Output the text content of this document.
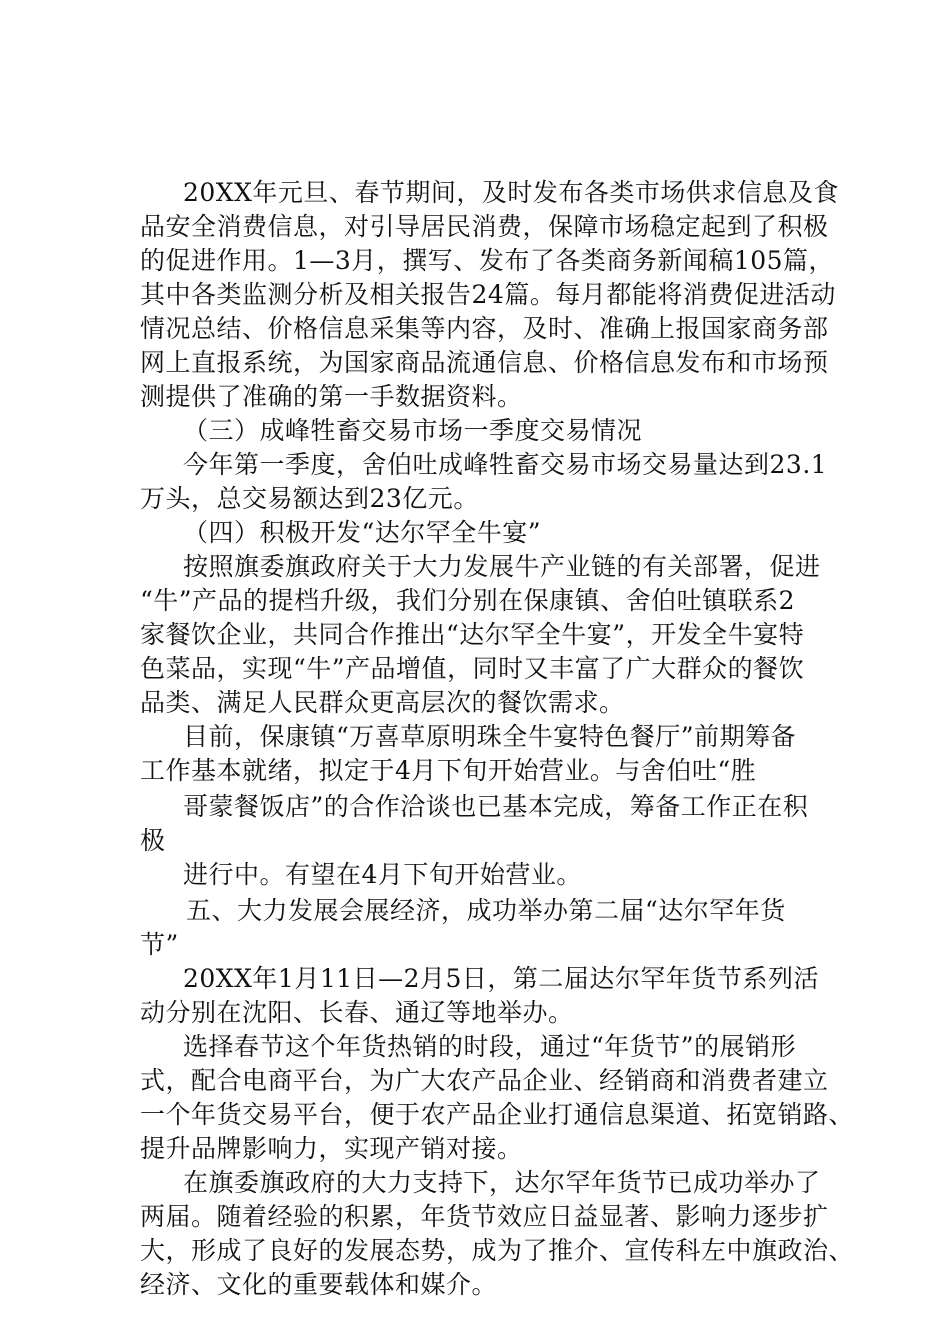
20XX年元旦、春节期间，及时发布各类市场供求信息及食
品安全消费信息，对引导居民消费，保障市场稳定起到了积极
的促进作用。1—3月，撰写、发布了各类商务新闻稿105篇，
其中各类监测分析及相关报告24篇。每月都能将消费促进活动
情况总结、价格信息采集等内容，及时、准确上报国家商务部
网上直报系统，为国家商品流通信息、价格信息发布和市场预
测提供了准确的第一手数据资料。
（三）成峰牲畜交易市场一季度交易情况
今年第一季度，舍伯吐成峰牲畜交易市场交易量达到23.1
万头，总交易额达到23亿元。
（四）积极开发“达尔罕全牛宴”
按照旗委旗政府关于大力发展牛产业链的有关部署，促进
“牛”产品的提档升级，我们分别在保康镇、舍伯吐镇联系2
家餐饮企业，共同合作推出“达尔罕全牛宴”，开发全牛宴特
色菜品，实现“牛”产品增值，同时又丰富了广大群众的餐饮
品类、满足人民群众更高层次的餐饮需求。
目前，保康镇“万喜草原明珠全牛宴特色餐厅”前期筹备
工作基本就绪，拟定于4月下旬开始营业。与舍伯吐“胜
哥蒙餐饭店”的合作洽谈也已基本完成，筹备工作正在积
极
进行中。有望在4月下旬开始营业。
五、大力发展会展经济，成功举办第二届“达尔罕年货
节”
20XX年1月11日—2月5日，第二届达尔罕年货节系列活
动分别在沈阳、长春、通辽等地举办。
选择春节这个年货热销的时段，通过“年货节”的展销形
式，配合电商平台，为广大农产品企业、经销商和消费者建立
一个年货交易平台，便于农产品企业打通信息渠道、拓宽销路、
提升品牌影响力，实现产销对接。
在旗委旗政府的大力支持下，达尔罕年货节已成功举办了
两届。随着经验的积累，年货节效应日益显著、影响力逐步扩
大，形成了良好的发展态势，成为了推介、宣传科左中旗政治、
经济、文化的重要载体和媒介。
